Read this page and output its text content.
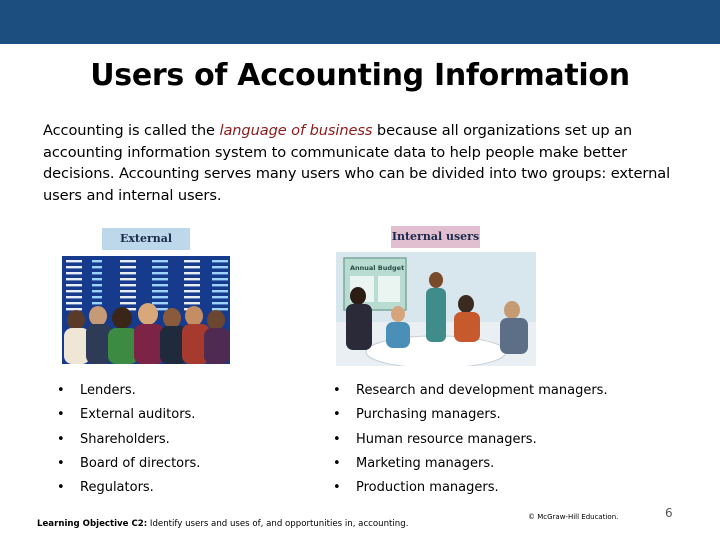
Users of Accounting Information

Accounting is called the language of business because all organizations set up an accounting information system to communicate data to help people make better decisions. Accounting serves many users who can be divided into two groups: external users and internal users.

External	Internal users
Annual Budget
• Lenders.
• External auditors.
• Shareholders.
• Board of directors.
• Regulators.
• Research and development managers.
• Purchasing managers.
• Human resource managers.
• Marketing managers.
• Production managers.
Learning Objective C2: Identify users and uses of, and opportunities in, accounting.
© McGraw-Hill Education.	6
